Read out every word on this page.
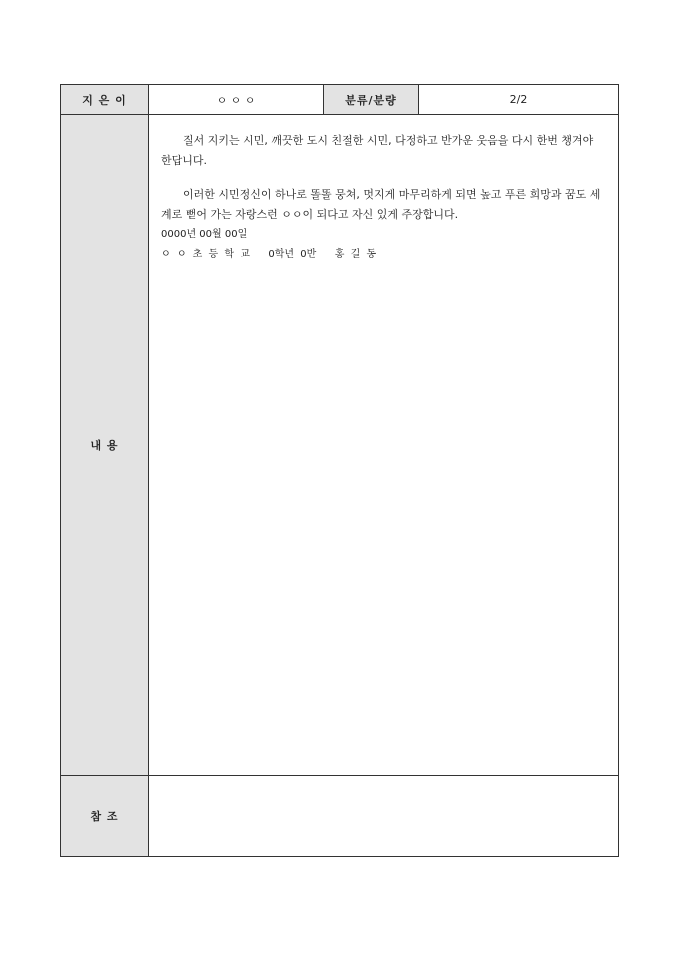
지 은 이	ㅇ ㅇ ㅇ	분류/분량	2/2
내 용	질서 지키는 시민, 깨끗한 도시 친절한 시민, 다정하고 반가운 웃음을 다시 한번 챙겨야 한답니다.

이러한 시민정신이 하나로 똘똘 뭉쳐, 멋지게 마무리하게 되면 높고 푸른 희망과 꿈도 세계로 뻗어 가는 자랑스런 ㅇㅇ이 되다고 자신 있게 주장합니다.

0000년 00월 00일

ㅇ ㅇ 초 등 학 교   0학년 0반   홍 길 동		

참 조			
